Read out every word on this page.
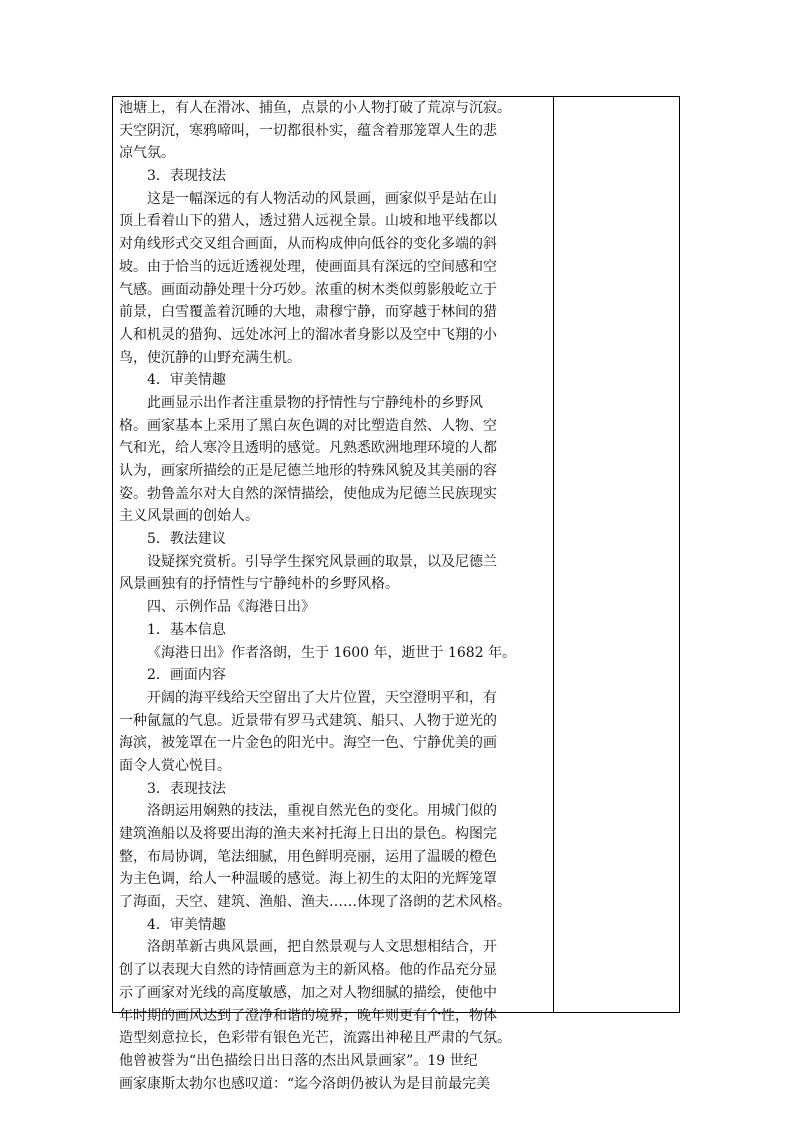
池塘上，有人在滑冰、捕鱼，点景的小人物打破了荒凉与沉寂。
天空阴沉，寒鸦啼叫，一切都很朴实，蕴含着那笼罩人生的悲
凉气氛。
3．表现技法
这是一幅深远的有人物活动的风景画，画家似乎是站在山
顶上看着山下的猎人，透过猎人远视全景。山坡和地平线都以
对角线形式交叉组合画面，从而构成伸向低谷的变化多端的斜
坡。由于恰当的远近透视处理，使画面具有深远的空间感和空
气感。画面动静处理十分巧妙。浓重的树木类似剪影般屹立于
前景，白雪覆盖着沉睡的大地，肃穆宁静，而穿越于林间的猎
人和机灵的猎狗、远处冰河上的溜冰者身影以及空中飞翔的小
鸟，使沉静的山野充满生机。
4．审美情趣
此画显示出作者注重景物的抒情性与宁静纯朴的乡野风
格。画家基本上采用了黑白灰色调的对比塑造自然、人物、空
气和光，给人寒冷且透明的感觉。凡熟悉欧洲地理环境的人都
认为，画家所描绘的正是尼德兰地形的特殊风貌及其美丽的容
姿。勃鲁盖尔对大自然的深情描绘，使他成为尼德兰民族现实
主义风景画的创始人。
5．教法建议
设疑探究赏析。引导学生探究风景画的取景，以及尼德兰
风景画独有的抒情性与宁静纯朴的乡野风格。
四、示例作品《海港日出》
1．基本信息
《海港日出》作者洛朗，生于 1600 年，逝世于 1682 年。
2．画面内容
开阔的海平线给天空留出了大片位置，天空澄明平和，有
一种氤氲的气息。近景带有罗马式建筑、船只、人物于逆光的
海滨，被笼罩在一片金色的阳光中。海空一色、宁静优美的画
面令人赏心悦目。
3．表现技法
洛朗运用娴熟的技法，重视自然光色的变化。用城门似的
建筑渔船以及将要出海的渔夫来衬托海上日出的景色。构图完
整，布局协调，笔法细腻，用色鲜明亮丽，运用了温暖的橙色
为主色调，给人一种温暖的感觉。海上初生的太阳的光辉笼罩
了海面，天空、建筑、渔船、渔夫……体现了洛朗的艺术风格。
4．审美情趣
洛朗革新古典风景画，把自然景观与人文思想相结合，开
创了以表现大自然的诗情画意为主的新风格。他的作品充分显
示了画家对光线的高度敏感，加之对人物细腻的描绘，使他中
年时期的画风达到了澄净和谐的境界；晚年则更有个性，物体
造型刻意拉长，色彩带有银色光芒，流露出神秘且严肃的气氛。
他曾被誉为“出色描绘日出日落的杰出风景画家”。19 世纪
画家康斯太勃尔也感叹道：“迄今洛朗仍被认为是目前最完美
